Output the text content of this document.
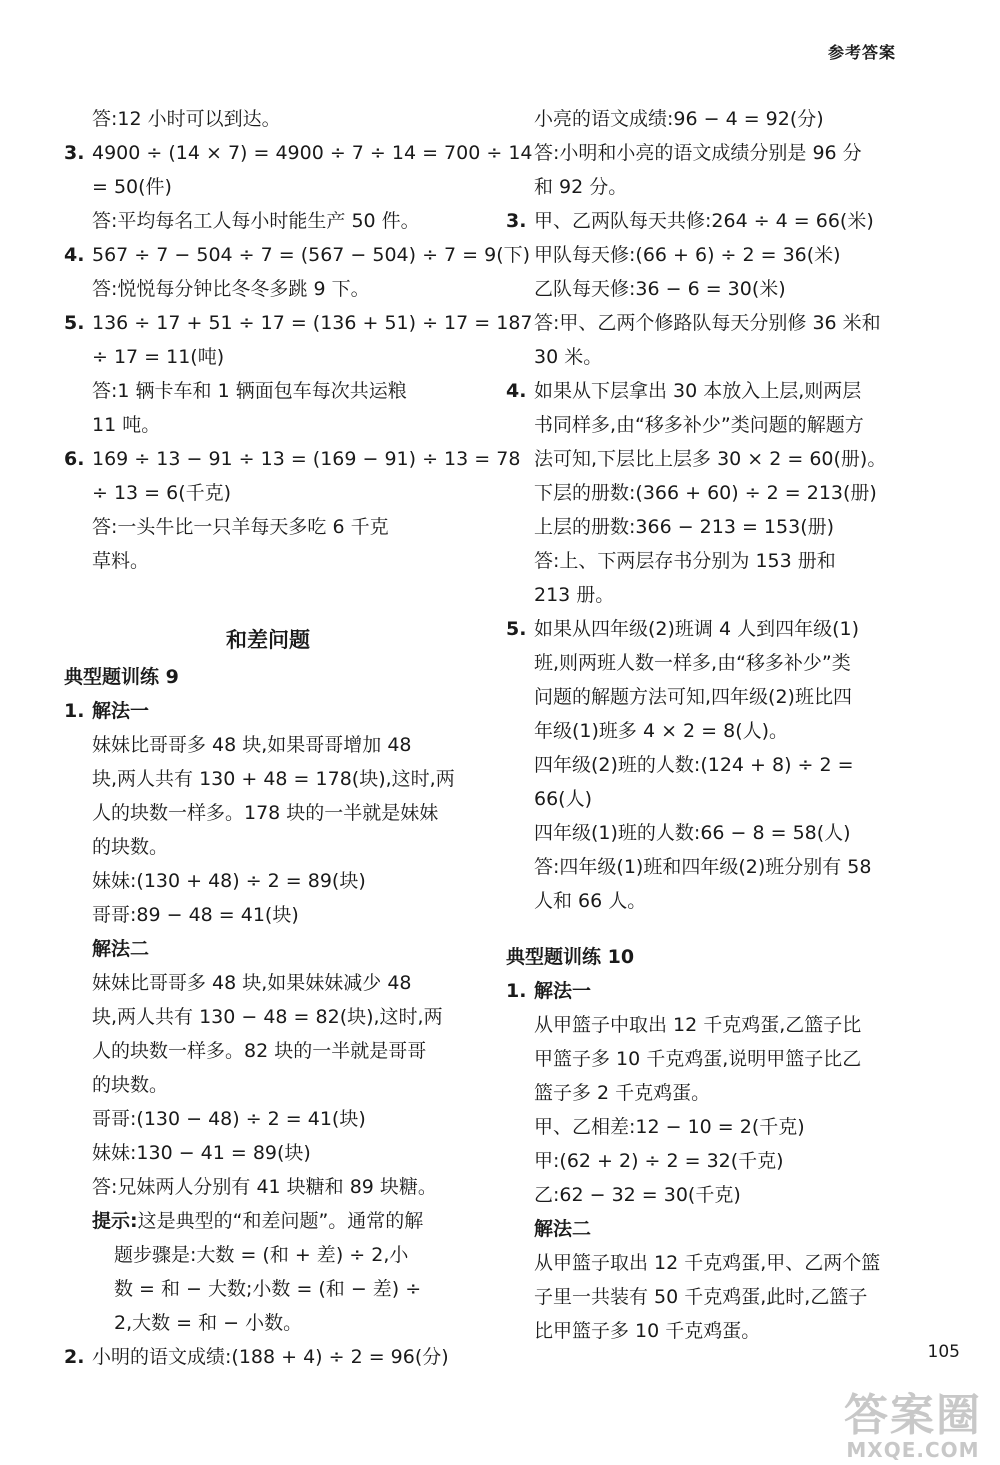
参考答案
答:12 小时可以到达。
3. 4900 ÷ (14 × 7) = 4900 ÷ 7 ÷ 14 = 700 ÷ 14
= 50(件)
答:平均每名工人每小时能生产 50 件。
4. 567 ÷ 7 − 504 ÷ 7 = (567 − 504) ÷ 7 = 9(下)
答:悦悦每分钟比冬冬多跳 9 下。
5. 136 ÷ 17 + 51 ÷ 17 = (136 + 51) ÷ 17 = 187
÷ 17 = 11(吨)
答:1 辆卡车和 1 辆面包车每次共运粮
11 吨。
6. 169 ÷ 13 − 91 ÷ 13 = (169 − 91) ÷ 13 = 78
÷ 13 = 6(千克)
答:一头牛比一只羊每天多吃 6 千克
草料。
和差问题
典型题训练 9
1. 解法一
妹妹比哥哥多 48 块,如果哥哥增加 48
块,两人共有 130 + 48 = 178(块),这时,两
人的块数一样多。178 块的一半就是妹妹
的块数。
妹妹:(130 + 48) ÷ 2 = 89(块)
哥哥:89 − 48 = 41(块)
解法二
妹妹比哥哥多 48 块,如果妹妹减少 48
块,两人共有 130 − 48 = 82(块),这时,两
人的块数一样多。82 块的一半就是哥哥
的块数。
哥哥:(130 − 48) ÷ 2 = 41(块)
妹妹:130 − 41 = 89(块)
答:兄妹两人分别有 41 块糖和 89 块糖。
提示:这是典型的“和差问题”。通常的解
题步骤是:大数 = (和 + 差) ÷ 2,小
数 = 和 − 大数;小数 = (和 − 差) ÷
2,大数 = 和 − 小数。
2. 小明的语文成绩:(188 + 4) ÷ 2 = 96(分)
小亮的语文成绩:96 − 4 = 92(分)
答:小明和小亮的语文成绩分别是 96 分
和 92 分。
3. 甲、乙两队每天共修:264 ÷ 4 = 66(米)
甲队每天修:(66 + 6) ÷ 2 = 36(米)
乙队每天修:36 − 6 = 30(米)
答:甲、乙两个修路队每天分别修 36 米和
30 米。
4. 如果从下层拿出 30 本放入上层,则两层
书同样多,由“移多补少”类问题的解题方
法可知,下层比上层多 30 × 2 = 60(册)。
下层的册数:(366 + 60) ÷ 2 = 213(册)
上层的册数:366 − 213 = 153(册)
答:上、下两层存书分别为 153 册和
213 册。
5. 如果从四年级(2)班调 4 人到四年级(1)
班,则两班人数一样多,由“移多补少”类
问题的解题方法可知,四年级(2)班比四
年级(1)班多 4 × 2 = 8(人)。
四年级(2)班的人数:(124 + 8) ÷ 2 =
66(人)
四年级(1)班的人数:66 − 8 = 58(人)
答:四年级(1)班和四年级(2)班分别有 58
人和 66 人。
典型题训练 10
1. 解法一
从甲篮子中取出 12 千克鸡蛋,乙篮子比
甲篮子多 10 千克鸡蛋,说明甲篮子比乙
篮子多 2 千克鸡蛋。
甲、乙相差:12 − 10 = 2(千克)
甲:(62 + 2) ÷ 2 = 32(千克)
乙:62 − 32 = 30(千克)
解法二
从甲篮子取出 12 千克鸡蛋,甲、乙两个篮
子里一共装有 50 千克鸡蛋,此时,乙篮子
比甲篮子多 10 千克鸡蛋。
105
答案圈
MXQE.COM
